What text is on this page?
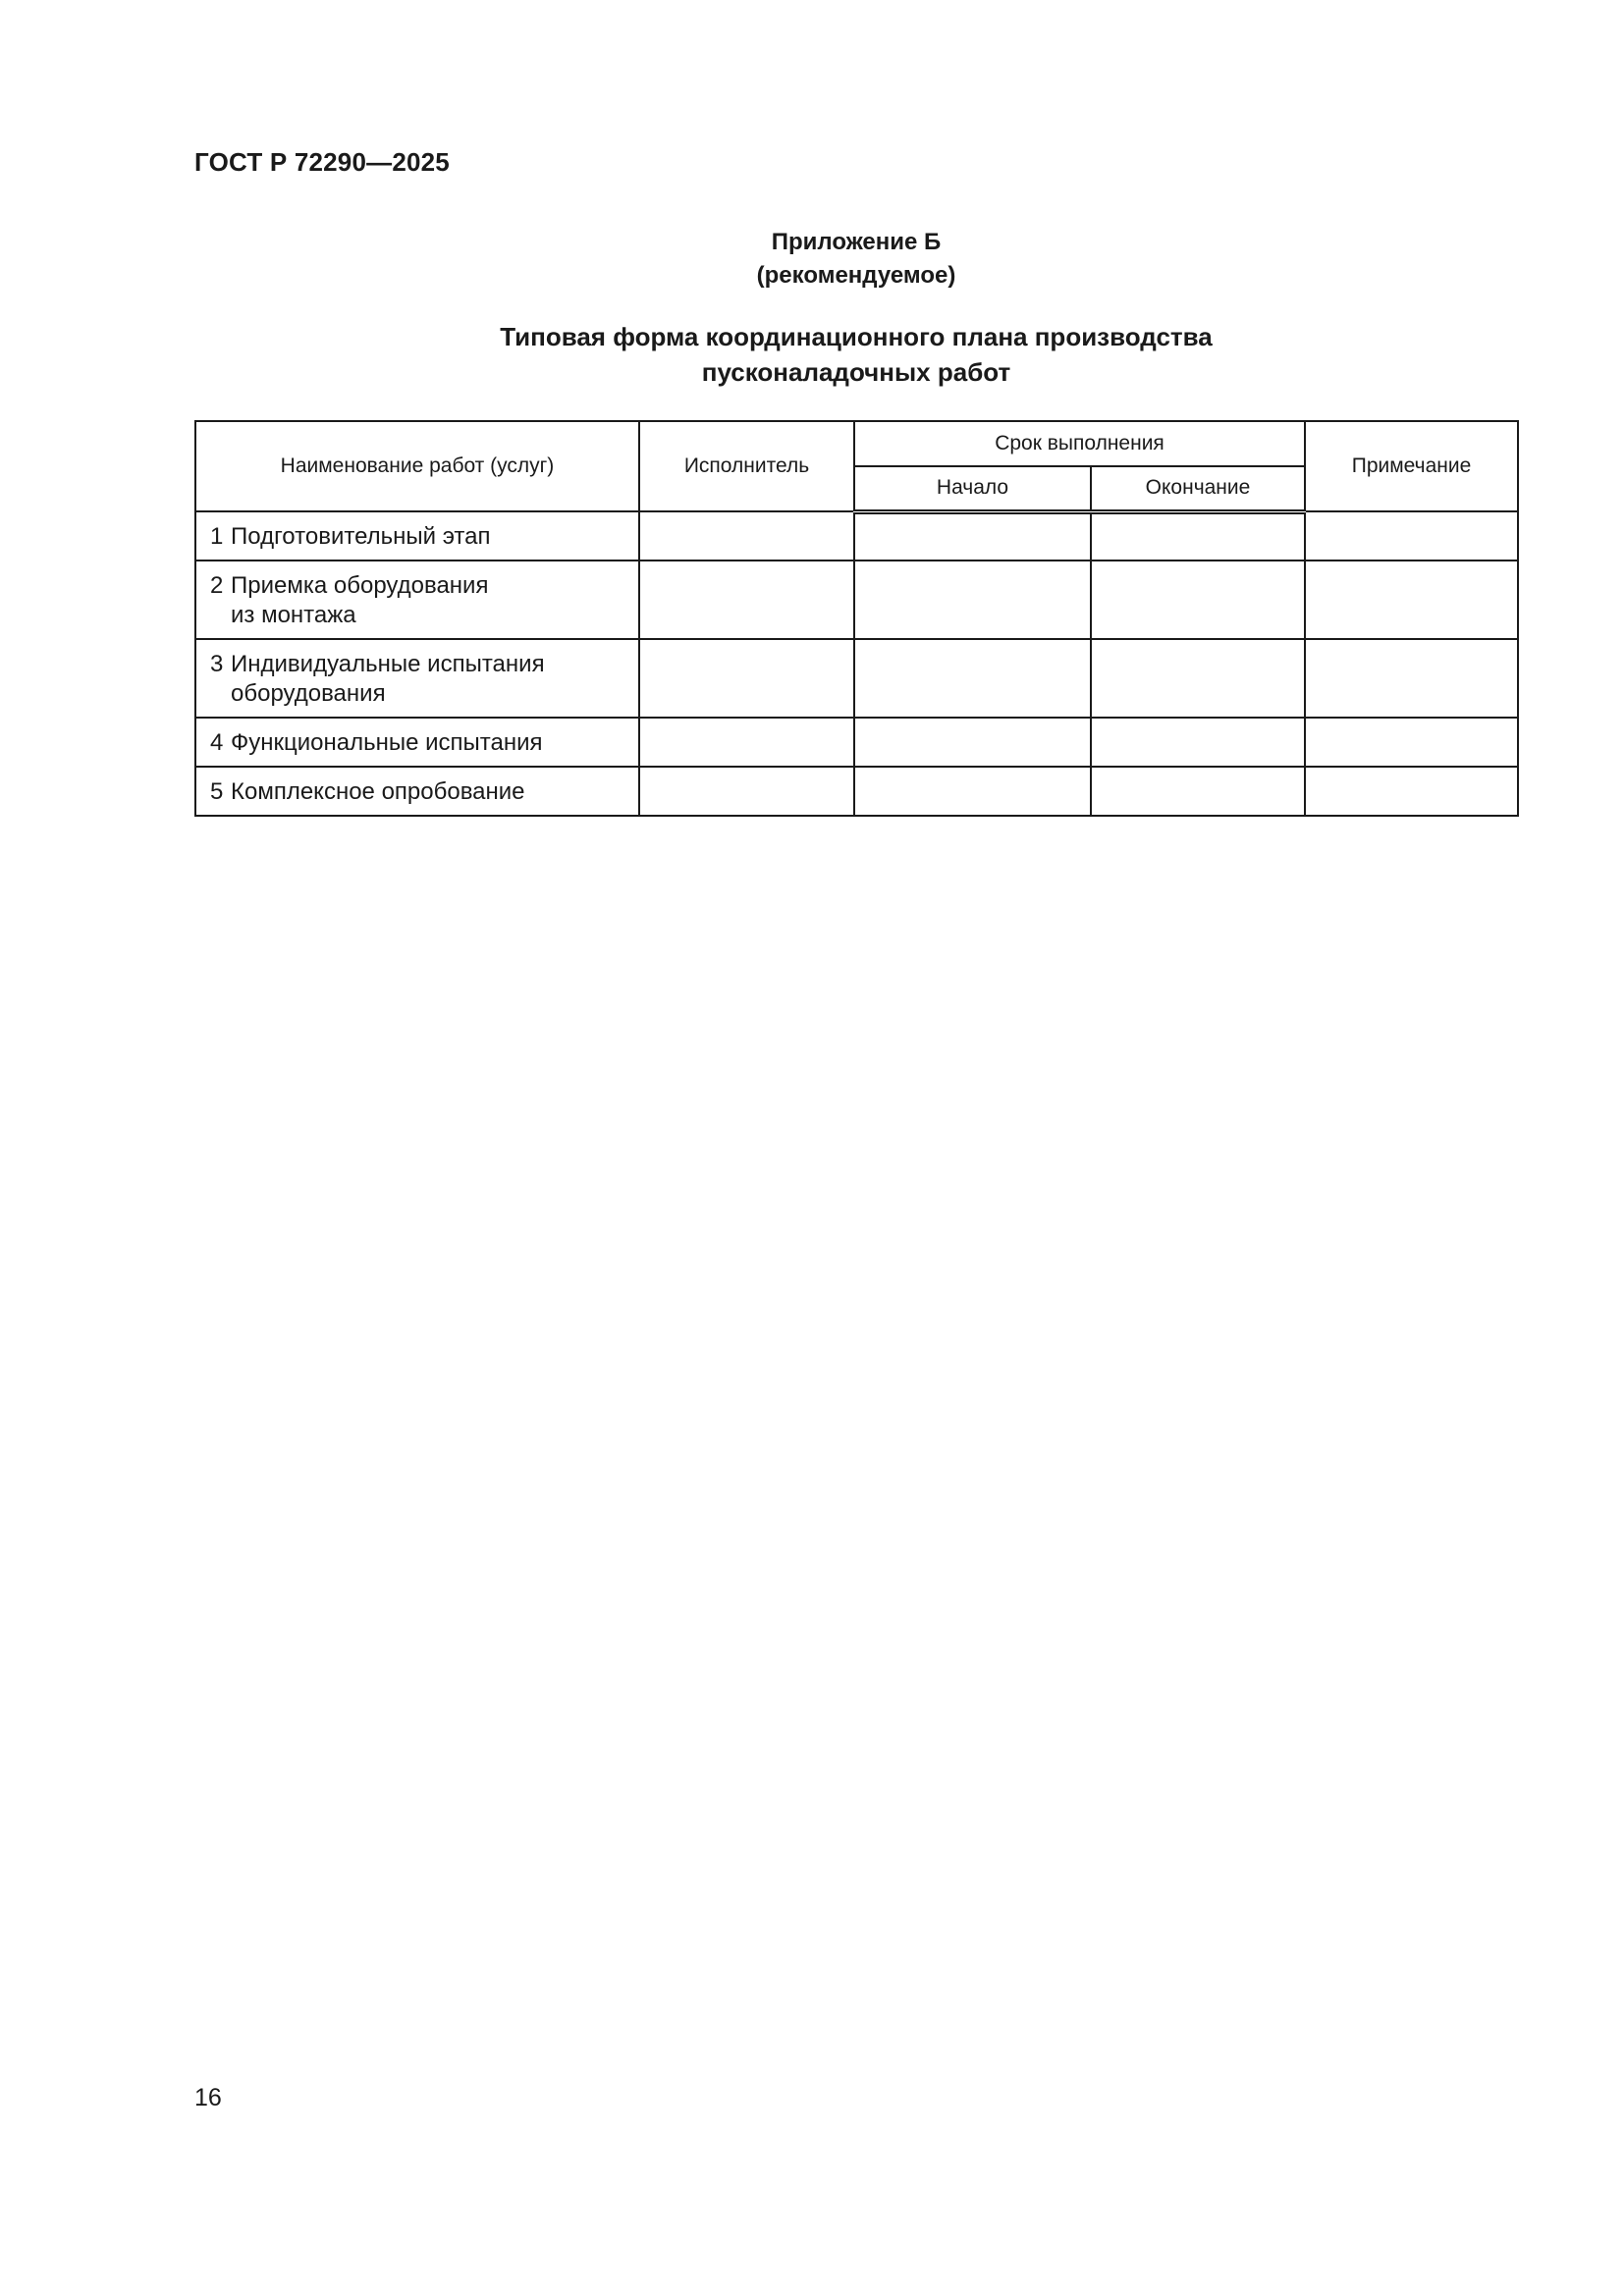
ГОСТ Р 72290—2025
Приложение Б
(рекомендуемое)
Типовая форма координационного плана производства
пусконаладочных работ
Наименование работ (услуг)	Исполнитель	Срок выполнения		Примечание
		Начало	Окончание	
1 Подготовительный этап				
2 Приемка оборудования
из монтажа				
3 Индивидуальные испытания
оборудования				
4 Функциональные испытания				
5 Комплексное опробование				
16
